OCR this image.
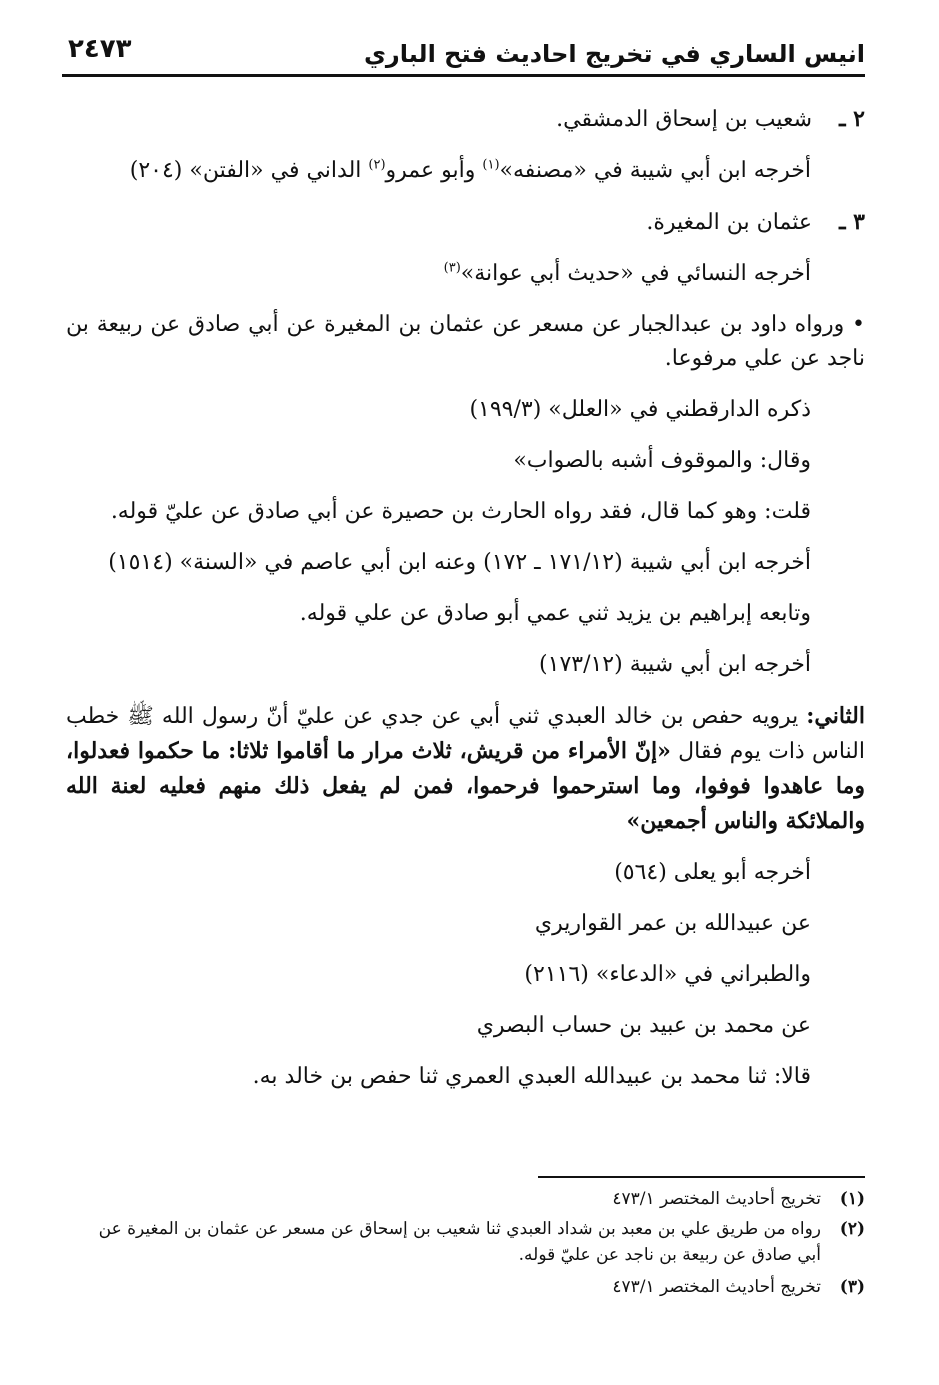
انيس الساري في تخريج احاديث فتح الباري
٢٤٧٣
٢ ـ شعيب بن إسحاق الدمشقي.
أخرجه ابن أبي شيبة في «مصنفه»$^{(١)}$ وأبو عمرو$^{(٢)}$ الداني في «الفتن» (٢٠٤)
٣ ـ عثمان بن المغيرة.
أخرجه النسائي في «حديث أبي عوانة»$^{(٣)}$
• ورواه داود بن عبدالجبار عن مسعر عن عثمان بن المغيرة عن أبي صادق عن ربيعة بن ناجد عن علي مرفوعا.
ذكره الدارقطني في «العلل» (١٩٩/٣)
وقال: والموقوف أشبه بالصواب»
قلت: وهو كما قال، فقد رواه الحارث بن حصيرة عن أبي صادق عن عليّ قوله.
أخرجه ابن أبي شيبة (١٧١/١٢ ـ ١٧٢) وعنه ابن أبي عاصم في «السنة» (١٥١٤)
وتابعه إبراهيم بن يزيد ثني عمي أبو صادق عن علي قوله.
أخرجه ابن أبي شيبة (١٧٣/١٢)
الثاني: يرويه حفص بن خالد العبدي ثني أبي عن جدي عن عليّ أنّ رسول الله ﷺ خطب الناس ذات يوم فقال «إنّ الأمراء من قريش، ثلاث مرار ما أقاموا ثلاثا: ما حكموا فعدلوا، وما عاهدوا فوفوا، وما استرحموا فرحموا، فمن لم يفعل ذلك منهم فعليه لعنة الله والملائكة والناس أجمعين»
أخرجه أبو يعلى (٥٦٤)
عن عبيدالله بن عمر القواريري
والطبراني في «الدعاء» (٢١١٦)
عن محمد بن عبيد بن حساب البصري
قالا: ثنا محمد بن عبيدالله العبدي العمري ثنا حفص بن خالد به.
(١)تخريج أحاديث المختصر ٤٧٣/١
(٢)رواه من طريق علي بن معبد بن شداد العبدي ثنا شعيب بن إسحاق عن مسعر عن عثمان بن المغيرة عن
أبي صادق عن ربيعة بن ناجد عن عليّ قوله.
(٣)تخريج أحاديث المختصر ٤٧٣/١
